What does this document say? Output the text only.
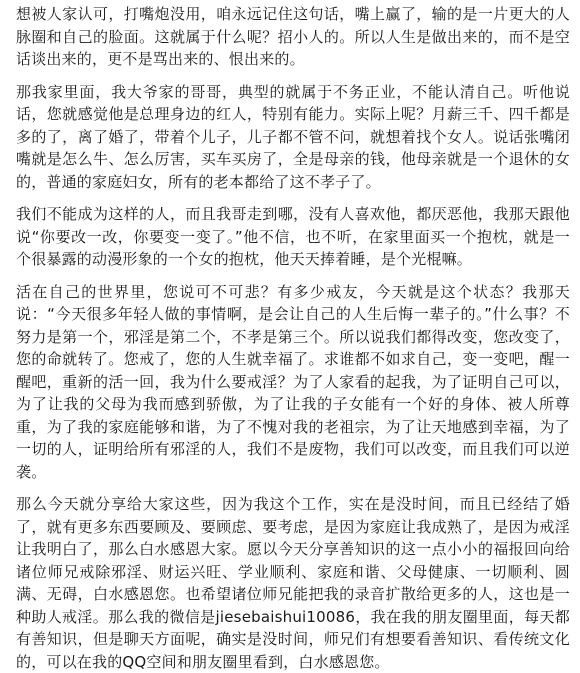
想被人家认可，打嘴炮没用，咱永远记住这句话，嘴上赢了，输的是一片更大的人脉圈和自己的脸面。这就属于什么呢？招小人的。所以人生是做出来的，而不是空话谈出来的，更不是骂出来的、恨出来的。

那我家里面，我大爷家的哥哥，典型的就属于不务正业，不能认清自己。听他说话，您就感觉他是总理身边的红人，特别有能力。实际上呢？月薪三千、四千都是多的了，离了婚了，带着个儿子，儿子都不管不问，就想着找个女人。说话张嘴闭嘴就是怎么牛、怎么厉害，买车买房了，全是母亲的钱，他母亲就是一个退休的女的，普通的家庭妇女，所有的老本都给了这不孝子了。

我们不能成为这样的人，而且我哥走到哪，没有人喜欢他，都厌恶他，我那天跟他说“你要改一改，你要变一变了。”他不信，也不听，在家里面买一个抱枕，就是一个很暴露的动漫形象的一个女的抱枕，他天天捧着睡，是个光棍嘛。

活在自己的世界里，您说可不可悲？有多少戒友，今天就是这个状态？我那天说：“今天很多年轻人做的事情啊，是会让自己的人生后悔一辈子的。”什么事？不努力是第一个，邪淫是第二个，不孝是第三个。所以说我们都得改变，您改变了，您的命就转了。您戒了，您的人生就幸福了。求谁都不如求自己，变一变吧，醒一醒吧，重新的活一回，我为什么要戒淫？为了人家看的起我，为了证明自己可以，为了让我的父母为我而感到骄傲，为了让我的子女能有一个好的身体、被人所尊重，为了我的家庭能够和谐，为了不愧对我的老祖宗，为了让天地感到幸福，为了一切的人，证明给所有邪淫的人，我们不是废物，我们可以改变，而且我们可以逆袭。

那么今天就分享给大家这些，因为我这个工作，实在是没时间，而且已经结了婚了，就有更多东西要顾及、要顾虑、要考虑，是因为家庭让我成熟了，是因为戒淫让我明白了，那么白水感恩大家。愿以今天分享善知识的这一点小小的福报回向给诸位师兄戒除邪淫、财运兴旺、学业顺利、家庭和谐、父母健康、一切顺利、圆满、无碍，白水感恩您。也希望诸位师兄能把我的录音扩散给更多的人，这也是一种助人戒淫。那么我的微信是jiesebaishui10086，我在我的朋友圈里面，每天都有善知识，但是聊天方面呢，确实是没时间，师兄们有想要看善知识、看传统文化的，可以在我的QQ空间和朋友圈里看到，白水感恩您。
